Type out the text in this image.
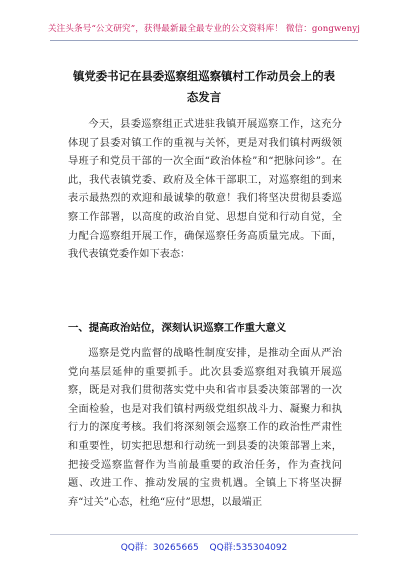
关注头条号“公文研究”，获得最新最全最专业的公文资料库！ 微信：gongwenyj
镇党委书记在县委巡察组巡察镇村工作动员会上的表态发言

今天，县委巡察组正式进驻我镇开展巡察工作，这充分体现了县委对镇工作的重视与关怀，更是对我们镇村两级领导班子和党员干部的一次全面“政治体检”和“把脉问诊”。在此，我代表镇党委、政府及全体干部职工，对巡察组的到来表示最热烈的欢迎和最诚挚的敬意！我们将坚决贯彻县委巡察工作部署，以高度的政治自觉、思想自觉和行动自觉，全力配合巡察组开展工作，确保巡察任务高质量完成。下面，我代表镇党委作如下表态：

一、提高政治站位，深刻认识巡察工作重大意义

巡察是党内监督的战略性制度安排，是推动全面从严治党向基层延伸的重要抓手。此次县委巡察组对我镇开展巡察，既是对我们贯彻落实党中央和省市县委决策部署的一次全面检验，也是对我们镇村两级党组织战斗力、凝聚力和执行力的深度考核。我们将深刻领会巡察工作的政治性严肃性和重要性，切实把思想和行动统一到县委的决策部署上来，把接受巡察监督作为当前最重要的政治任务，作为查找问题、改进工作、推动发展的宝贵机遇。全镇上下将坚决摒弃“过关”心态，杜绝“应付”思想，以最端正

QQ群：30265665 QQ群:535304092
